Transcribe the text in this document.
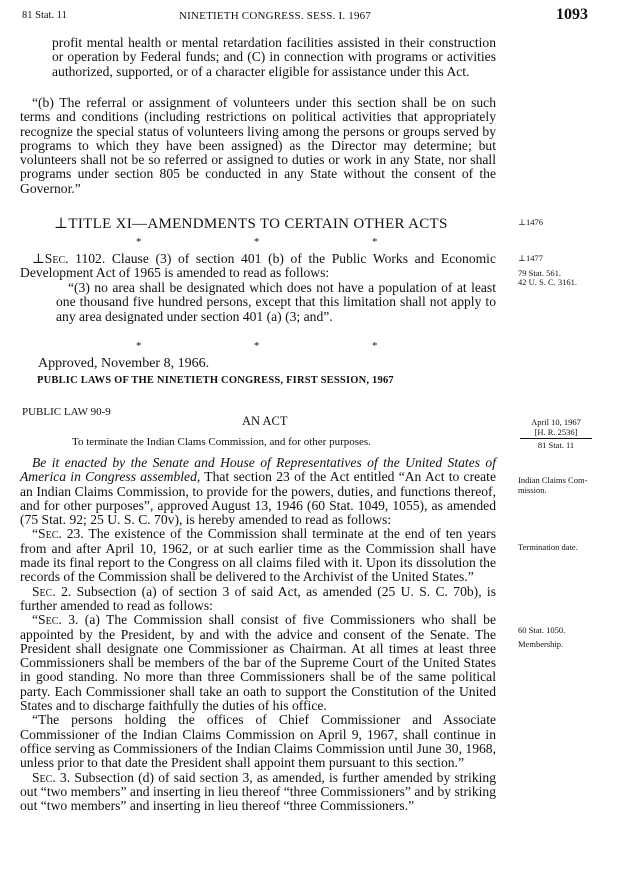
81 Stat. 11	NINETIETH CONGRESS. SESS. I. 1967	1093

profit mental health or mental retardation facilities assisted in their construction or operation by Federal funds; and (C) in connection with programs or activities authorized, supported, or of a character eligible for assistance under this Act.

“(b) The referral or assignment of volunteers under this section shall be on such terms and conditions (including restrictions on political activities that appropriately recognize the special status of volunteers living among the persons or groups served by programs to which they have been assigned) as the Director may determine; but volunteers shall not be so referred or assigned to duties or work in any State, nor shall programs under section 805 be conducted in any State without the consent of the Governor.”

⊥TITLE XI—AMENDMENTS TO CERTAIN OTHER ACTS	⊥1476
*	*	*

⊥Sec. 1102. Clause (3) of section 401 (b) of the Public Works and Economic Development Act of 1965 is amended to read as follows:

“(3) no area shall be designated which does not have a population of at least one thousand five hundred persons, except that this limitation shall not apply to any area designated under section 401 (a) (3; and”.

⊥1477
79 Stat. 561.
42 U. S. C. 3161.
*	*	*
Approved, November 8, 1966.
PUBLIC LAWS OF THE NINETIETH CONGRESS, FIRST SESSION, 1967
PUBLIC LAW 90-9
AN ACT
To terminate the Indian Clams Commission, and for other purposes.
April 10, 1967
[H. R. 2536]
81 Stat. 11

Be it enacted by the Senate and House of Representatives of the United States of America in Congress assembled, That section 23 of the Act entitled “An Act to create an Indian Claims Commission, to provide for the powers, duties, and functions thereof, and for other purposes”, approved August 13, 1946 (60 Stat. 1049, 1055), as amended (75 Stat. 92; 25 U. S. C. 70v), is hereby amended to read as follows:

“Sec. 23. The existence of the Commission shall terminate at the end of ten years from and after April 10, 1962, or at such earlier time as the Commission shall have made its final report to the Congress on all claims filed with it. Upon its dissolution the records of the Commission shall be delivered to the Archivist of the United States.”

Sec. 2. Subsection (a) of section 3 of said Act, as amended (25 U. S. C. 70b), is further amended to read as follows:

“Sec. 3. (a) The Commission shall consist of five Commissioners who shall be appointed by the President, by and with the advice and consent of the Senate. The President shall designate one Commissioner as Chairman. At all times at least three Commissioners shall be members of the bar of the Supreme Court of the United States in good standing. No more than three Commissioners shall be of the same political party. Each Commissioner shall take an oath to support the Constitution of the United States and to discharge faithfully the duties of his office.

“The persons holding the offices of Chief Commissioner and Associate Commissioner of the Indian Claims Commission on April 9, 1967, shall continue in office serving as Commissioners of the Indian Claims Commission until June 30, 1968, unless prior to that date the President shall appoint them pursuant to this section.”

Sec. 3. Subsection (d) of said section 3, as amended, is further amended by striking out “two members” and inserting in lieu thereof “three Commissioners” and by striking out “two members” and inserting in lieu thereof “three Commissioners.”

Indian Claims Com-
mission.
Termination date.
60 Stat. 1050.
Membership.
